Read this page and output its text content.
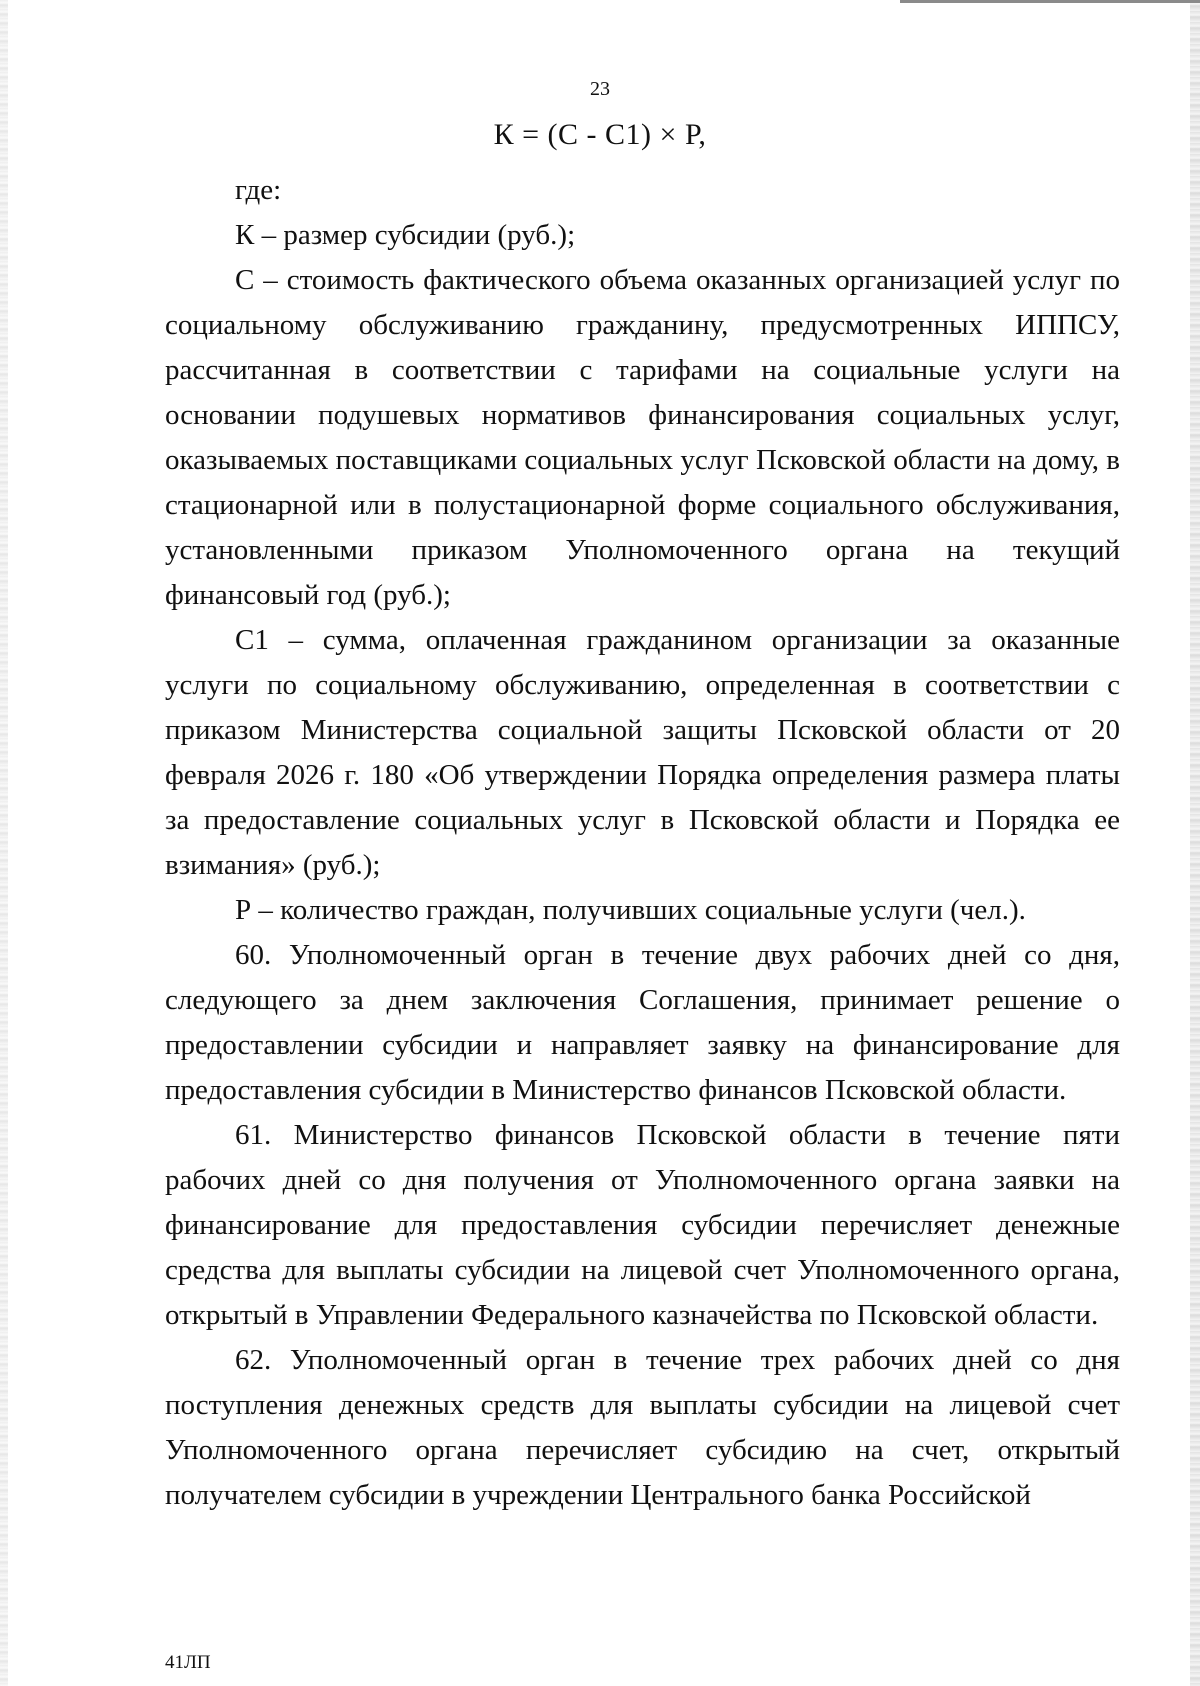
23
К = (С - С1) × Р,

где:

К – размер субсидии (руб.);

С – стоимость фактического объема оказанных организацией услуг по социальному обслуживанию гражданину, предусмотренных ИППСУ, рассчитанная в соответствии с тарифами на социальные услуги на основании подушевых нормативов финансирования социальных услуг, оказываемых поставщиками социальных услуг Псковской области на дому, в стационарной или в полустационарной форме социального обслуживания, установленными приказом Уполномоченного органа на текущий финансовый год (руб.);

С1 – сумма, оплаченная гражданином организации за оказанные услуги по социальному обслуживанию, определенная в соответствии с приказом Министерства социальной защиты Псковской области от 20 февраля 2026 г. 180 «Об утверждении Порядка определения размера платы за предоставление социальных услуг в Псковской области и Порядка ее взимания» (руб.);

Р – количество граждан, получивших социальные услуги (чел.).

60. Уполномоченный орган в течение двух рабочих дней со дня, следующего за днем заключения Соглашения, принимает решение о предоставлении субсидии и направляет заявку на финансирование для предоставления субсидии в Министерство финансов Псковской области.

61. Министерство финансов Псковской области в течение пяти рабочих дней со дня получения от Уполномоченного органа заявки на финансирование для предоставления субсидии перечисляет денежные средства для выплаты субсидии на лицевой счет Уполномоченного органа, открытый в Управлении Федерального казначейства по Псковской области.

62. Уполномоченный орган в течение трех рабочих дней со дня поступления денежных средств для выплаты субсидии на лицевой счет Уполномоченного органа перечисляет субсидию на счет, открытый получателем субсидии в учреждении Центрального банка Российской

41ЛП
